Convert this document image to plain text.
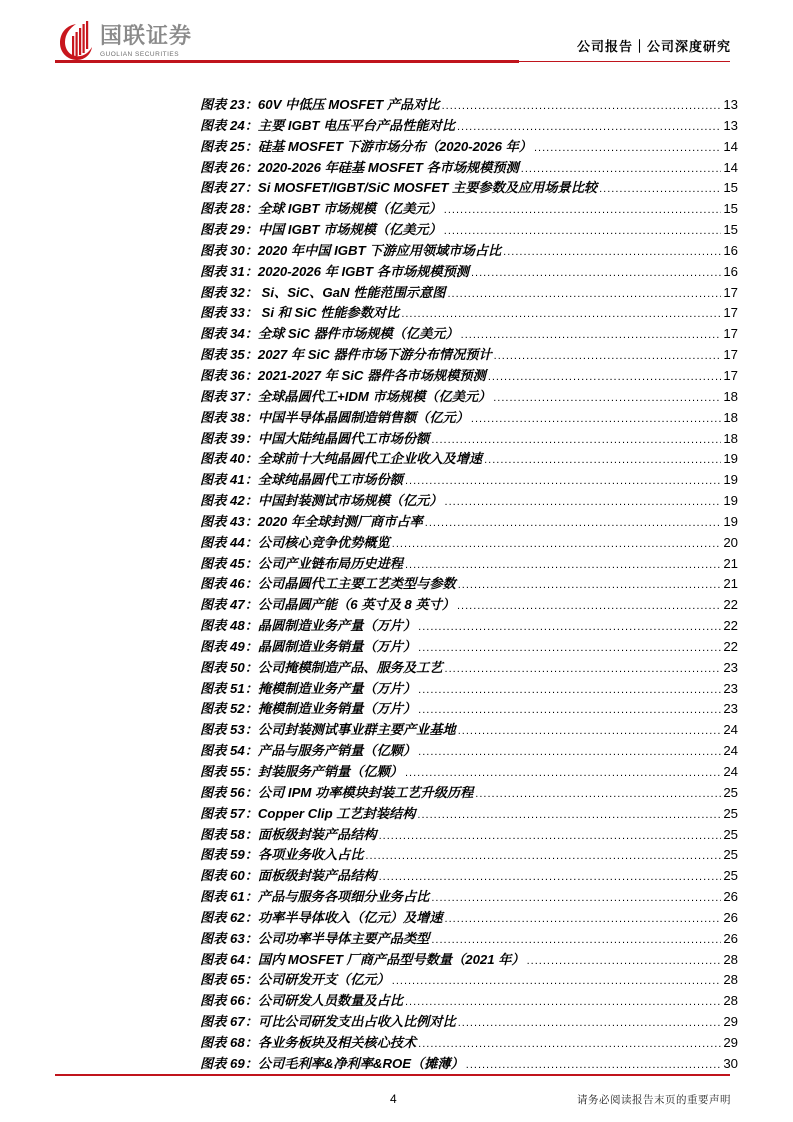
国联证券
GUOLIAN SECURITIES	公司报告｜公司深度研究
图表 23：60V 中低压 MOSFET 产品对比 .....	13
图表 24：主要 IGBT 电压平台产品性能对比 .....	13
图表 25：硅基 MOSFET 下游市场分布（2020-2026 年） .....	14
图表 26：2020-2026 年硅基 MOSFET 各市场规模预测 .....	14
图表 27：Si MOSFET/IGBT/SiC MOSFET 主要参数及应用场景比较 .....	15
图表 28：全球 IGBT 市场规模（亿美元） .....	15
图表 29：中国 IGBT 市场规模（亿美元） .....	15
图表 30：2020 年中国 IGBT 下游应用领域市场占比 .....	16
图表 31：2020-2026 年 IGBT 各市场规模预测 .....	16
图表 32： Si、SiC、GaN 性能范围示意图 .....	17
图表 33： Si 和 SiC 性能参数对比 .....	17
图表 34：全球 SiC 器件市场规模（亿美元） .....	17
图表 35：2027 年 SiC 器件市场下游分布情况预计 .....	17
图表 36：2021-2027 年 SiC 器件各市场规模预测 .....	17
图表 37：全球晶圆代工+IDM 市场规模（亿美元） .....	18
图表 38：中国半导体晶圆制造销售额（亿元） .....	18
图表 39：中国大陆纯晶圆代工市场份额 .....	18
图表 40：全球前十大纯晶圆代工企业收入及增速 .....	19
图表 41：全球纯晶圆代工市场份额 .....	19
图表 42：中国封装测试市场规模（亿元） .....	19
图表 43：2020 年全球封测厂商市占率 .....	19
图表 44：公司核心竞争优势概览 .....	20
图表 45：公司产业链布局历史进程 .....	21
图表 46：公司晶圆代工主要工艺类型与参数 .....	21
图表 47：公司晶圆产能（6 英寸及 8 英寸） .....	22
图表 48：晶圆制造业务产量（万片） .....	22
图表 49：晶圆制造业务销量（万片） .....	22
图表 50：公司掩模制造产品、服务及工艺 .....	23
图表 51：掩模制造业务产量（万片） .....	23
图表 52：掩模制造业务销量（万片） .....	23
图表 53：公司封装测试事业群主要产业基地 .....	24
图表 54：产品与服务产销量（亿颗） .....	24
图表 55：封装服务产销量（亿颗） .....	24
图表 56：公司 IPM 功率模块封装工艺升级历程 .....	25
图表 57：Copper Clip 工艺封装结构 .....	25
图表 58：面板级封装产品结构 .....	25
图表 59：各项业务收入占比 .....	25
图表 60：面板级封装产品结构 .....	25
图表 61：产品与服务各项细分业务占比 .....	26
图表 62：功率半导体收入（亿元）及增速 .....	26
图表 63：公司功率半导体主要产品类型 .....	26
图表 64：国内 MOSFET 厂商产品型号数量（2021 年） .....	28
图表 65：公司研发开支（亿元） .....	28
图表 66：公司研发人员数量及占比 .....	28
图表 67：可比公司研发支出占收入比例对比 .....	29
图表 68：各业务板块及相关核心技术 .....	29
图表 69：公司毛利率&净利率&ROE（摊薄） .....	30
4	请务必阅读报告末页的重要声明
